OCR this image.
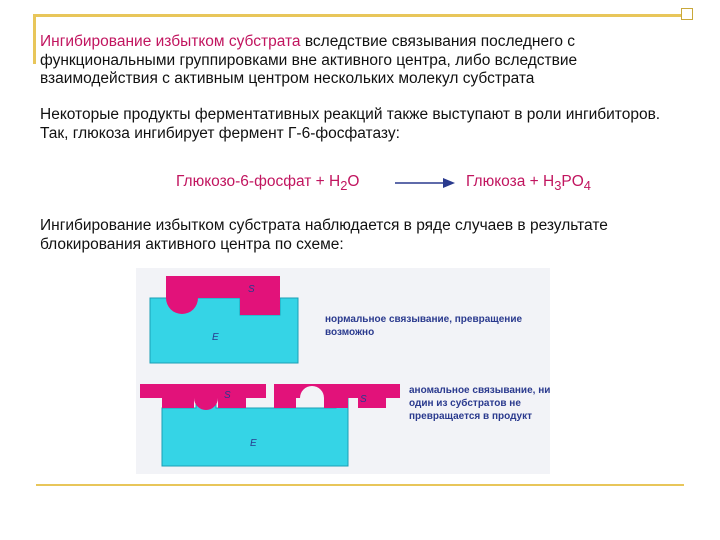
Ингибирование избытком субстрата вследствие связывания последнего с функциональными группировками вне активного центра, либо вследствие взаимодействия с активным центром нескольких молекул субстрата
Некоторые продукты ферментативных реакций также выступают в роли ингибиторов. Так, глюкоза ингибирует фермент Г-6-фосфатазу:
Глюкозо-6-фосфат + $H_2O$	Глюкоза + $H_3PO_4$
Ингибирование избытком субстрата наблюдается в ряде случаев в результате блокирования активного центра по схеме:
S
E
S	S
E
нормальное связывание, превращение возможно
аномальное связывание, ни один из субстратов не превращается в продукт
